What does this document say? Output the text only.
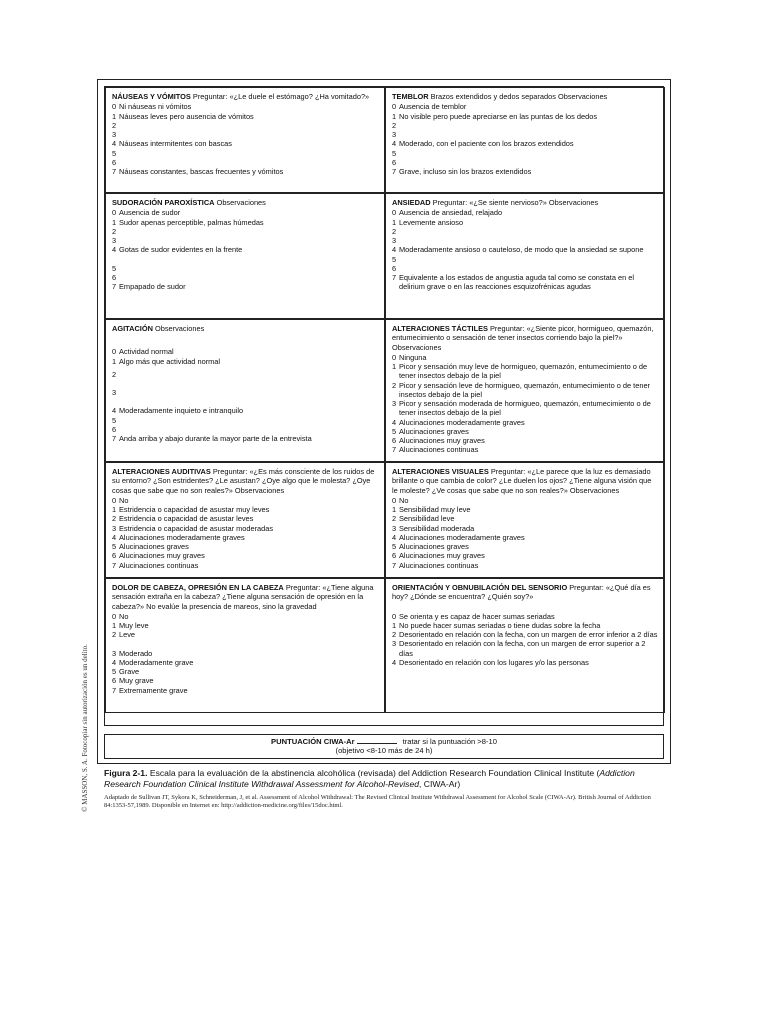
© MASSON, S. A. Fotocopiar sin autorización es un delito.
NÁUSEAS Y VÓMITOS Preguntar: «¿Le duele el estómago? ¿Ha vomitado?»
0 Ni náuseas ni vómitos
1 Náuseas leves pero ausencia de vómitos
2
3
4 Náuseas intermitentes con bascas
5
6
7 Náuseas constantes, bascas frecuentes y vómitos
TEMBLOR Brazos extendidos y dedos separados Observaciones
0 Ausencia de temblor
1 No visible pero puede apreciarse en las puntas de los dedos
2
3
4 Moderado, con el paciente con los brazos extendidos
5
6
7 Grave, incluso sin los brazos extendidos
SUDORACIÓN PAROXÍSTICA Observaciones
0 Ausencia de sudor
1 Sudor apenas perceptible, palmas húmedas
2
3
4 Gotas de sudor evidentes en la frente
5
6
7 Empapado de sudor
ANSIEDAD Preguntar: «¿Se siente nervioso?» Observaciones
0 Ausencia de ansiedad, relajado
1 Levemente ansioso
2
3
4 Moderadamente ansioso o cauteloso, de modo que la ansiedad se supone
5
6
7 Equivalente a los estados de angustia aguda tal como se constata en el delirium grave o en las reacciones esquizofrénicas agudas
AGITACIÓN Observaciones
0 Actividad normal
1 Algo más que actividad normal
2
3
4 Moderadamente inquieto e intranquilo
5
6
7 Anda arriba y abajo durante la mayor parte de la entrevista
ALTERACIONES TÁCTILES Preguntar: «¿Siente picor, hormigueo, quemazón, entumecimiento o sensación de tener insectos corriendo bajo la piel?» Observaciones
0 Ninguna
1 Picor y sensación muy leve de hormigueo, quemazón, entumecimiento o de tener insectos debajo de la piel
2 Picor y sensación leve de hormigueo, quemazón, entumecimiento o de tener insectos debajo de la piel
3 Picor y sensación moderada de hormigueo, quemazón, entumecimiento o de tener insectos debajo de la piel
4 Alucinaciones moderadamente graves
5 Alucinaciones graves
6 Alucinaciones muy graves
7 Alucinaciones continuas
ALTERACIONES AUDITIVAS Preguntar: «¿Es más consciente de los ruidos de su entorno? ¿Son estridentes? ¿Le asustan? ¿Oye algo que le molesta? ¿Oye cosas que sabe que no son reales?» Observaciones
0 No
1 Estridencia o capacidad de asustar muy leves
2 Estridencia o capacidad de asustar leves
3 Estridencia o capacidad de asustar moderadas
4 Alucinaciones moderadamente graves
5 Alucinaciones graves
6 Alucinaciones muy graves
7 Alucinaciones continuas
ALTERACIONES VISUALES Preguntar: «¿Le parece que la luz es demasiado brillante o que cambia de color? ¿Le duelen los ojos? ¿Tiene alguna visión que le moleste? ¿Ve cosas que sabe que no son reales?» Observaciones
0 No
1 Sensibilidad muy leve
2 Sensibilidad leve
3 Sensibilidad moderada
4 Alucinaciones moderadamente graves
5 Alucinaciones graves
6 Alucinaciones muy graves
7 Alucinaciones continuas
DOLOR DE CABEZA, OPRESIÓN EN LA CABEZA Preguntar: «¿Tiene alguna sensación extraña en la cabeza? ¿Tiene alguna sensación de opresión en la cabeza?» No evalúe la presencia de mareos, sino la gravedad
0 No
1 Muy leve
2 Leve
3 Moderado
4 Moderadamente grave
5 Grave
6 Muy grave
7 Extremamente grave
ORIENTACIÓN Y OBNUBILACIÓN DEL SENSORIO Preguntar: «¿Qué día es hoy? ¿Dónde se encuentra? ¿Quién soy?»
0 Se orienta y es capaz de hacer sumas seriadas
1 No puede hacer sumas seriadas o tiene dudas sobre la fecha
2 Desorientado en relación con la fecha, con un margen de error inferior a 2 días
3 Desorientado en relación con la fecha, con un margen de error superior a 2 días
4 Desorientado en relación con los lugares y/o las personas
PUNTUACIÓN CIWA-Ar	tratar si la puntuación >8-10
(objetivo <8-10 más de 24 h)
Figura 2-1. Escala para la evaluación de la abstinencia alcohólica (revisada) del Addiction Research Foundation Clinical Institute (Addiction Research Foundation Clinical Institute Withdrawal Assessment for Alcohol-Revised, CIWA-Ar)
Adaptado de Sullivan JT, Sykora K, Schneiderman, J, et al. Assessment of Alcohol Withdrawal: The Revised Clinical Institute Withdrawal Assessment for Alcohol Scale (CIWA-Ar). British Journal of Addiction 84:1353-57,1989. Disponible en Internet en: http://addiction-medicine.org/files/15doc.html.
